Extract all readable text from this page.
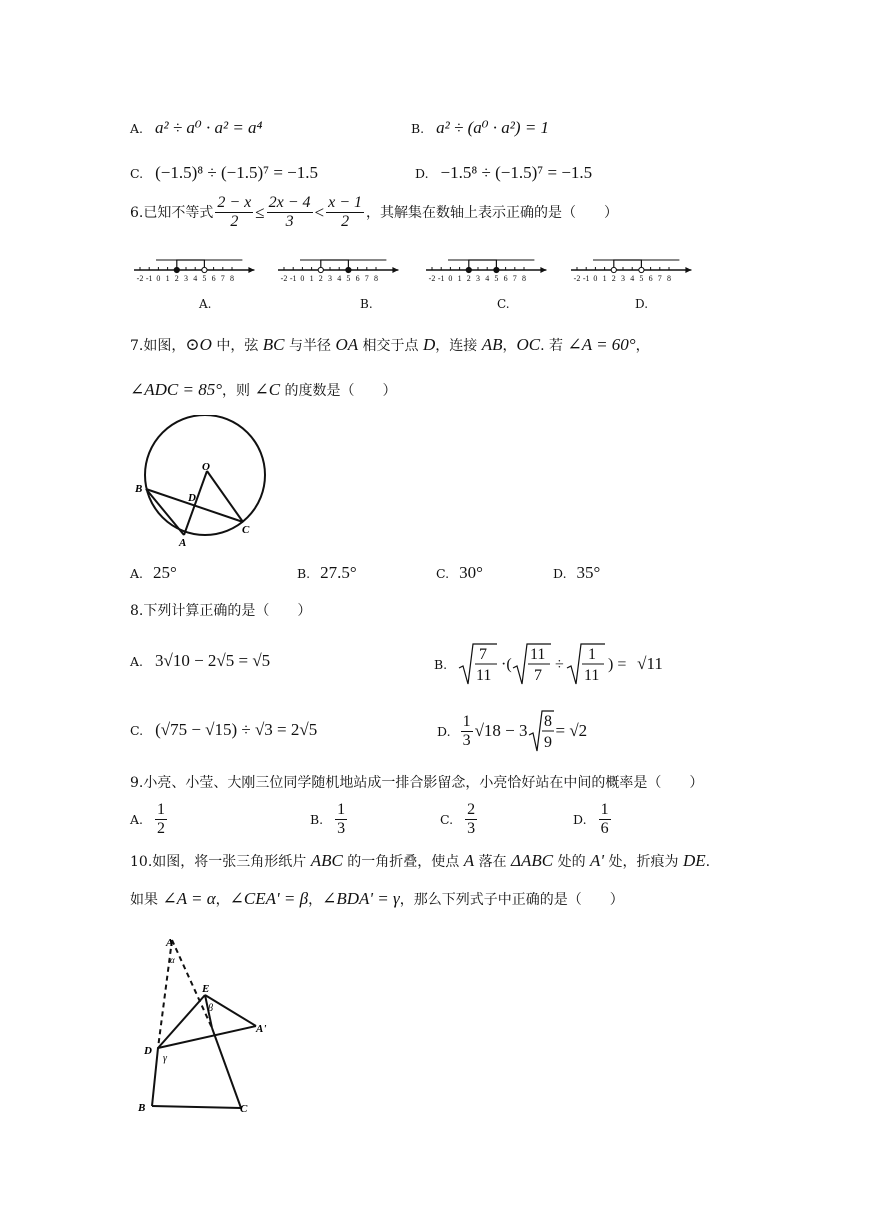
A. a² ÷ a⁰ · a² = a⁴	B. a² ÷ (a⁰ · a²) = 1
C. (−1.5)⁸ ÷ (−1.5)⁷ = −1.5	D. −1.5⁸ ÷ (−1.5)⁷ = −1.5
6.已知不等式 $\frac{2 - x}{2} \le \frac{2x - 4}{3} < \frac{x - 1}{2}$ ，其解集在数轴上表示正确的是（　　）
-2 -1 0 1 2 3 4 5 6 7 8	-2 -1 0 1 2 3 4 5 6 7 8	-2 -1 0 1 2 3 4 5 6 7 8	-2 -1 0 1 2 3 4 5 6 7 8
A.	B.	C.	D.
7.如图，⊙O 中，弦 BC 与半径 OA 相交于点 D，连接 AB，OC. 若 ∠A = 60°，
∠ADC = 85°，则 ∠C 的度数是（　　）
O
B
D
A
C
A. 25°	B. 27.5°	C. 30°	D. 35°
8.下列计算正确的是（　　）
A. 3√10 − 2√5 = √5	B.
7
11
·(
11
7
÷
1
11
) = √11
C. (√75 − √15) ÷ √3 = 2√5	D. $\frac{1}{3} √18 - 3$ 8
9
= √2
9.小亮、小莹、大刚三位同学随机地站成一排合影留念，小亮恰好站在中间的概率是（　　）
A. $\frac{1}{2}$	B. $\frac{1}{3}$	C. $\frac{2}{3}$	D. $\frac{1}{6}$
10.如图，将一张三角形纸片 ABC 的一角折叠，使点 A 落在 ΔABC 处的 A' 处，折痕为 DE.
如果 ∠A = α，∠CEA' = β，∠BDA' = γ，那么下列式子中正确的是（　　）
A
α
E
β
A'
D
γ
B	C
